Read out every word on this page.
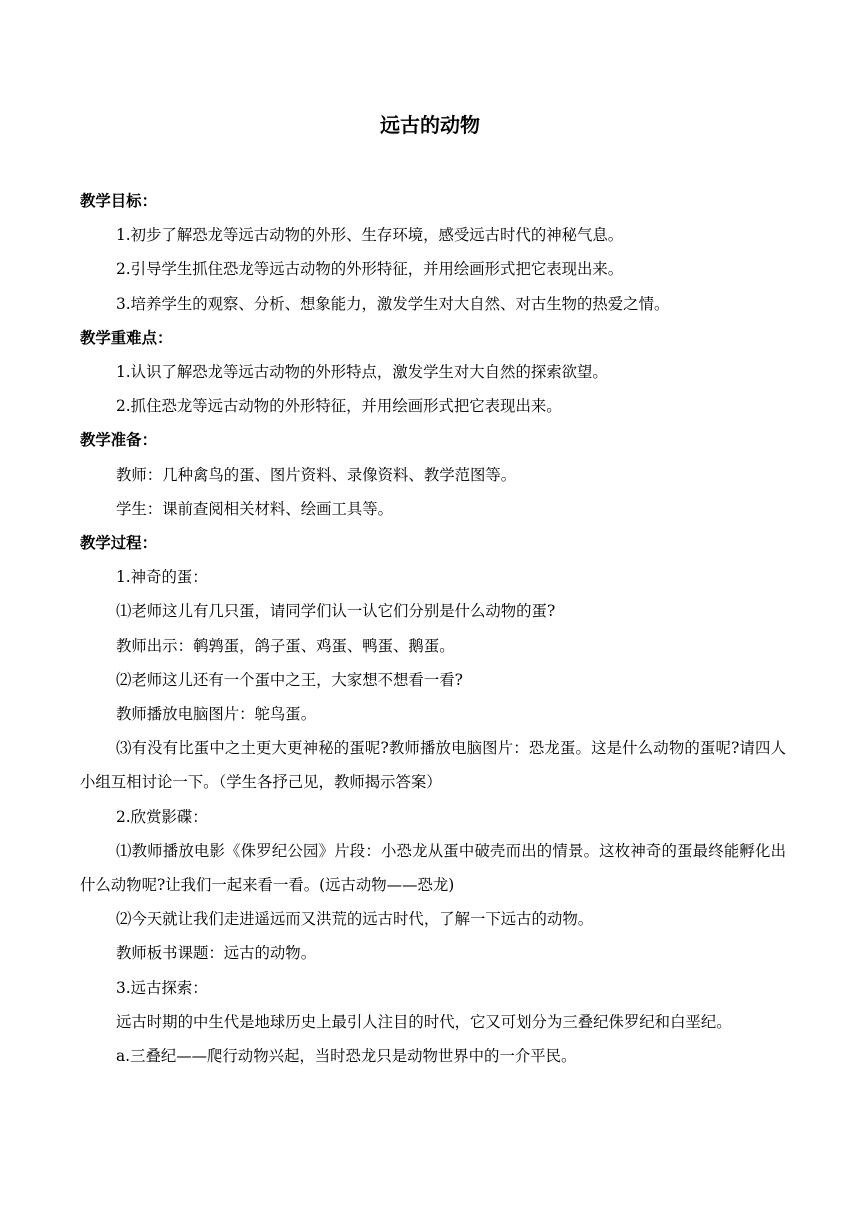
远古的动物

教学目标：

1.初步了解恐龙等远古动物的外形、生存环境，感受远古时代的神秘气息。

2.引导学生抓住恐龙等远古动物的外形特征，并用绘画形式把它表现出来。

3.培养学生的观察、分析、想象能力，激发学生对大自然、对古生物的热爱之情。

教学重难点：

1.认识了解恐龙等远古动物的外形特点，激发学生对大自然的探索欲望。

2.抓住恐龙等远古动物的外形特征，并用绘画形式把它表现出来。

教学准备：

教师：几种禽鸟的蛋、图片资料、录像资料、教学范图等。

学生：课前查阅相关材料、绘画工具等。

教学过程：

1.神奇的蛋：

⑴老师这儿有几只蛋，请同学们认一认它们分别是什么动物的蛋?

教师出示：鹌鹑蛋，鸽子蛋、鸡蛋、鸭蛋、鹅蛋。

⑵老师这儿还有一个蛋中之王，大家想不想看一看?

教师播放电脑图片：鸵鸟蛋。

⑶有没有比蛋中之土更大更神秘的蛋呢?教师播放电脑图片：恐龙蛋。这是什么动物的蛋呢?请四人小组互相讨论一下。（学生各抒己见，教师揭示答案）

2.欣赏影碟：

⑴教师播放电影《侏罗纪公园》片段：小恐龙从蛋中破壳而出的情景。这枚神奇的蛋最终能孵化出什么动物呢?让我们一起来看一看。(远古动物——恐龙)

⑵今天就让我们走进遥远而又洪荒的远古时代，了解一下远古的动物。

教师板书课题：远古的动物。

3.远古探索：

远古时期的中生代是地球历史上最引人注目的时代，它又可划分为三叠纪侏罗纪和白垩纪。

a.三叠纪——爬行动物兴起，当时恐龙只是动物世界中的一介平民。
